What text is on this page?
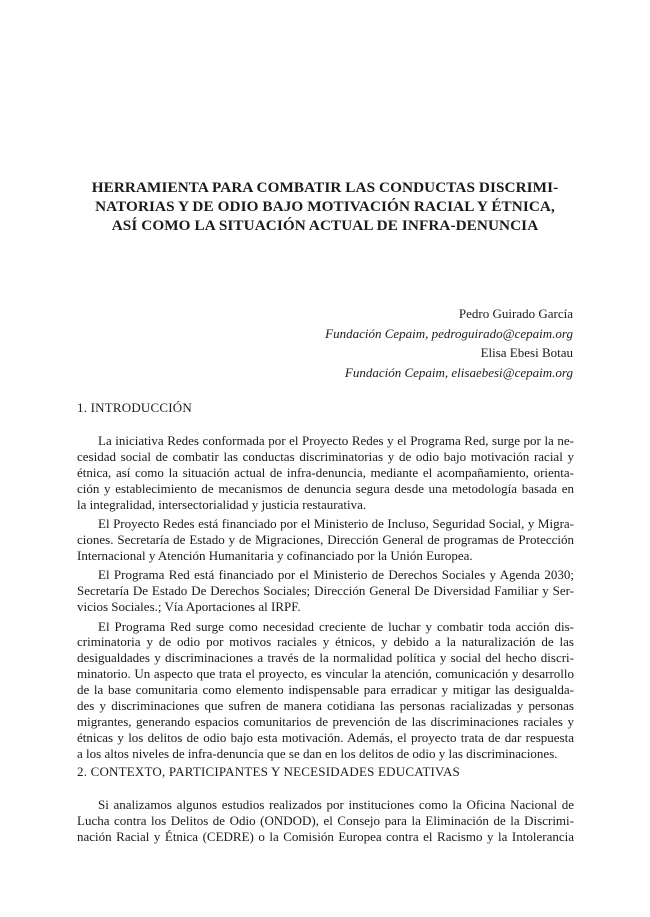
HERRAMIENTA PARA COMBATIR LAS CONDUCTAS DISCRIMI-
NATORIAS Y DE ODIO BAJO MOTIVACIÓN RACIAL Y ÉTNICA,
ASÍ COMO LA SITUACIÓN ACTUAL DE INFRA-DENUNCIA
Pedro Guirado García
Fundación Cepaim, pedroguirado@cepaim.org
Elisa Ebesi Botau
Fundación Cepaim, elisaebesi@cepaim.org
1. INTRODUCCIÓN
La iniciativa Redes conformada por el Proyecto Redes y el Programa Red, surge por la ne-
cesidad social de combatir las conductas discriminatorias y de odio bajo motivación racial y
étnica, así como la situación actual de infra-denuncia, mediante el acompañamiento, orienta-
ción y establecimiento de mecanismos de denuncia segura desde una metodología basada en
la integralidad, intersectorialidad y justicia restaurativa.
El Proyecto Redes está financiado por el Ministerio de Incluso, Seguridad Social, y Migra-
ciones. Secretaría de Estado y de Migraciones, Dirección General de programas de Protección
Internacional y Atención Humanitaria y cofinanciado por la Unión Europea.
El Programa Red está financiado por el Ministerio de Derechos Sociales y Agenda 2030;
Secretaría De Estado De Derechos Sociales; Dirección General De Diversidad Familiar y Ser-
vicios Sociales.; Vía Aportaciones al IRPF.
El Programa Red surge como necesidad creciente de luchar y combatir toda acción dis-
criminatoria y de odio por motivos raciales y étnicos, y debido a la naturalización de las
desigualdades y discriminaciones a través de la normalidad política y social del hecho discri-
minatorio. Un aspecto que trata el proyecto, es vincular la atención, comunicación y desarrollo
de la base comunitaria como elemento indispensable para erradicar y mitigar las desigualda-
des y discriminaciones que sufren de manera cotidiana las personas racializadas y personas
migrantes, generando espacios comunitarios de prevención de las discriminaciones raciales y
étnicas y los delitos de odio bajo esta motivación. Además, el proyecto trata de dar respuesta
a los altos niveles de infra-denuncia que se dan en los delitos de odio y las discriminaciones.
2. CONTEXTO, PARTICIPANTES Y NECESIDADES EDUCATIVAS
Si analizamos algunos estudios realizados por instituciones como la Oficina Nacional de
Lucha contra los Delitos de Odio (ONDOD), el Consejo para la Eliminación de la Discrimi-
nación Racial y Étnica (CEDRE) o la Comisión Europea contra el Racismo y la Intolerancia
